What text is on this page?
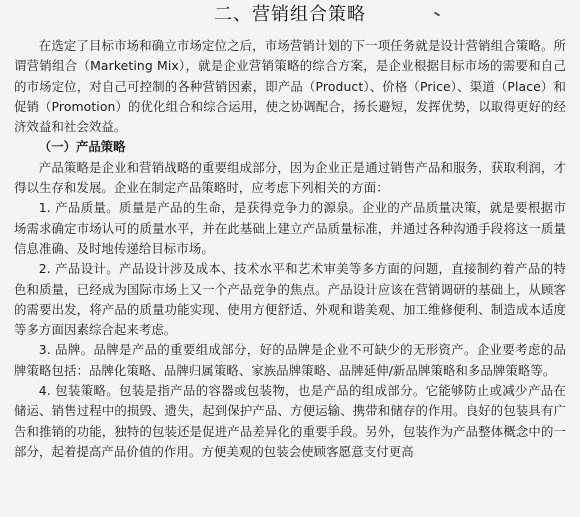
二、营销组合策略

在选定了目标市场和确立市场定位之后，市场营销计划的下一项任务就是设计营销组合策略。所谓营销组合（Marketing Mix），就是企业营销策略的综合方案，是企业根据目标市场的需要和自己的市场定位，对自己可控制的各种营销因素，即产品（Product）、价格（Price）、渠道（Place）和促销（Promotion）的优化组合和综合运用，使之协调配合，扬长避短，发挥优势，以取得更好的经济效益和社会效益。

（一）产品策略

产品策略是企业和营销战略的重要组成部分，因为企业正是通过销售产品和服务，获取利润，才得以生存和发展。企业在制定产品策略时，应考虑下列相关的方面：

1. 产品质量。质量是产品的生命，是获得竞争力的源泉。企业的产品质量决策，就是要根据市场需求确定市场认可的质量水平，并在此基础上建立产品质量标准，并通过各种沟通手段将这一质量信息准确、及时地传递给目标市场。

2. 产品设计。产品设计涉及成本、技术水平和艺术审美等多方面的问题，直接制约着产品的特色和质量，已经成为国际市场上又一个产品竞争的焦点。产品设计应该在营销调研的基础上，从顾客的需要出发，将产品的质量功能实现、使用方便舒适、外观和谐美观、加工维修便利、制造成本适度等多方面因素综合起来考虑。

3. 品牌。品牌是产品的重要组成部分，好的品牌是企业不可缺少的无形资产。企业要考虑的品牌策略包括：品牌化策略、品牌归属策略、家族品牌策略、品牌延伸/新品牌策略和多品牌策略等。

4. 包装策略。包装是指产品的容器或包装物，也是产品的组成部分。它能够防止或减少产品在储运、销售过程中的损毁、遗失，起到保护产品、方便运输、携带和储存的作用。良好的包装具有广告和推销的功能，独特的包装还是促进产品差异化的重要手段。另外，包装作为产品整体概念中的一部分，起着提高产品价值的作用。方便美观的包装会使顾客愿意支付更高
